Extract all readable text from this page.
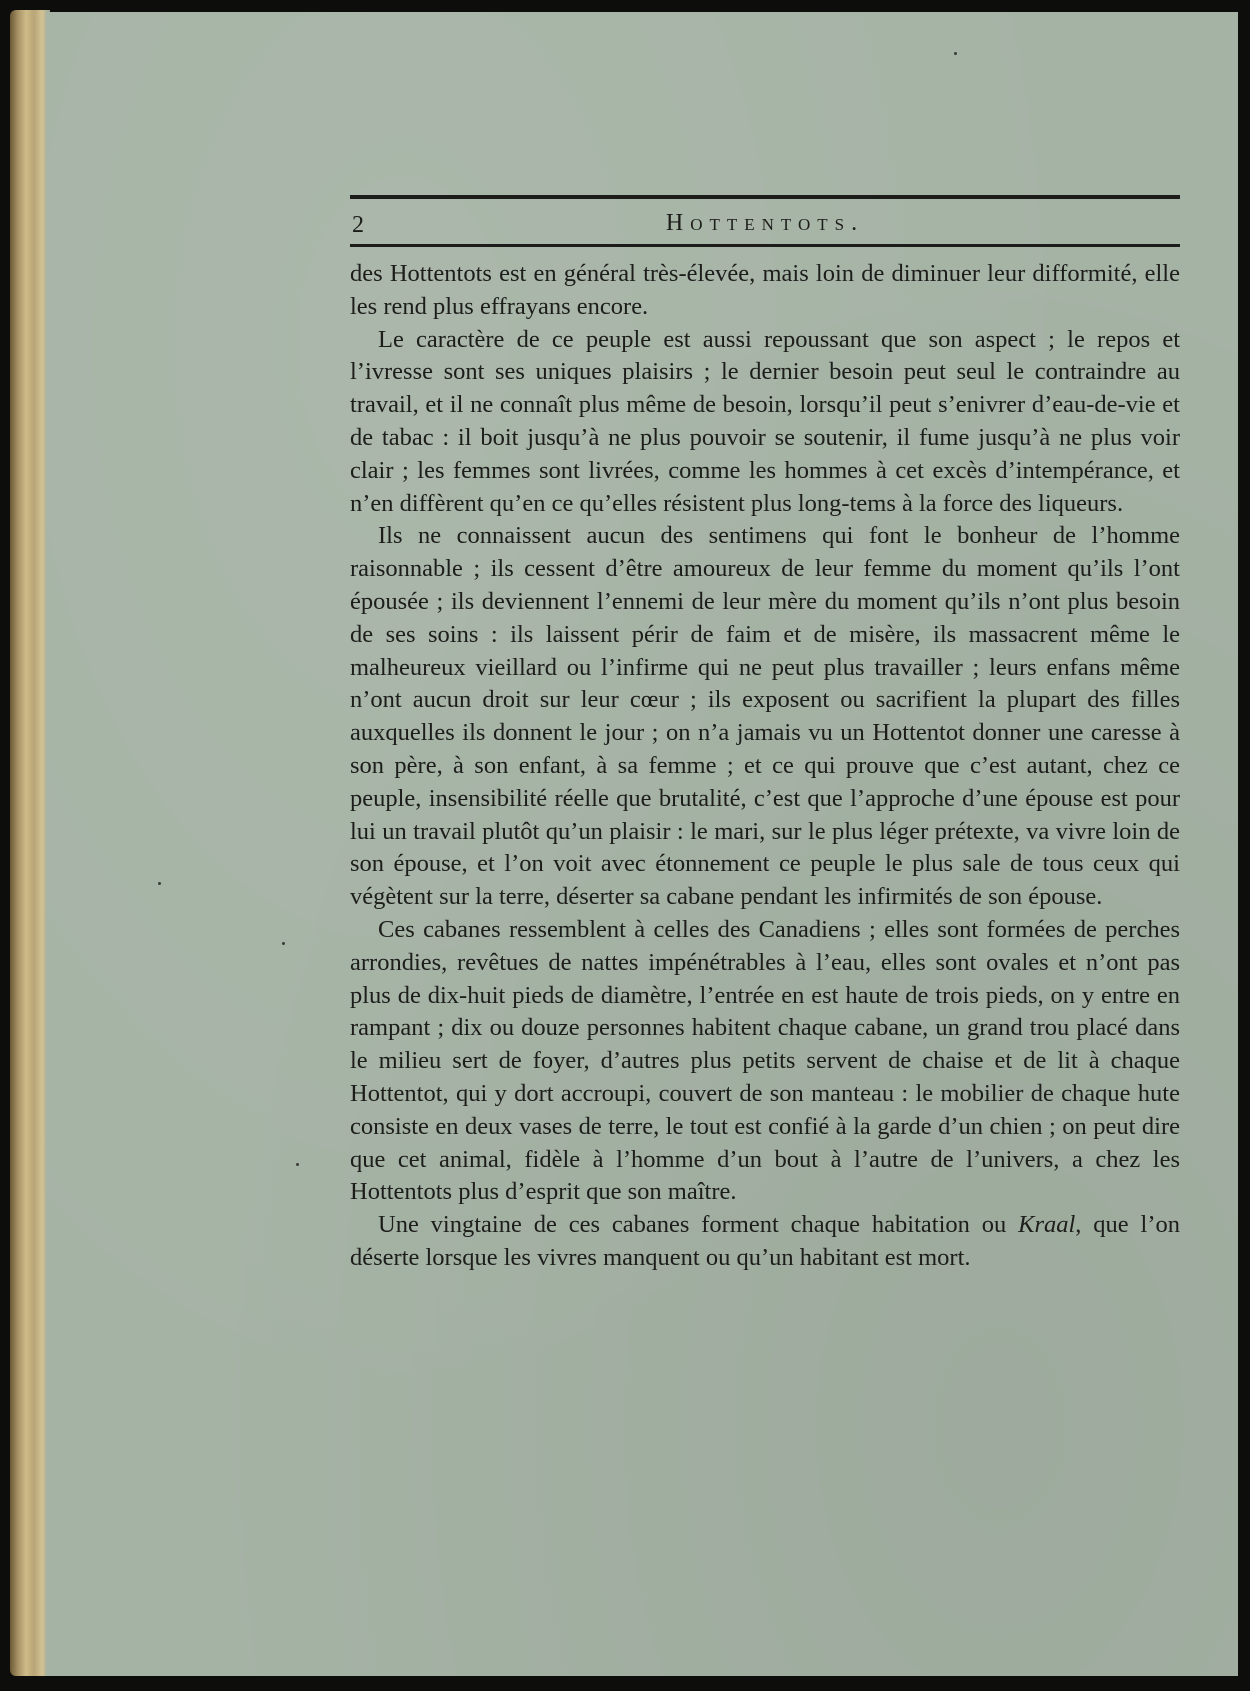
2	Hottentots.

des Hottentots est en général très-élevée, mais loin de diminuer leur difformité, elle les rend plus effrayans encore.

Le caractère de ce peuple est aussi repoussant que son aspect ; le repos et l’ivresse sont ses uniques plaisirs ; le dernier besoin peut seul le contraindre au travail, et il ne connaît plus même de besoin, lorsqu’il peut s’enivrer d’eau-de-vie et de tabac : il boit jusqu’à ne plus pouvoir se soutenir, il fume jusqu’à ne plus voir clair ; les femmes sont livrées, comme les hommes à cet excès d’intempérance, et n’en diffèrent qu’en ce qu’elles résistent plus long-tems à la force des liqueurs.

Ils ne connaissent aucun des sentimens qui font le bonheur de l’homme raisonnable ; ils cessent d’être amoureux de leur femme du moment qu’ils l’ont épousée ; ils deviennent l’ennemi de leur mère du moment qu’ils n’ont plus besoin de ses soins : ils laissent périr de faim et de misère, ils massacrent même le malheureux vieillard ou l’infirme qui ne peut plus travailler ; leurs enfans même n’ont aucun droit sur leur cœur ; ils exposent ou sacrifient la plupart des filles auxquelles ils donnent le jour ; on n’a jamais vu un Hottentot donner une caresse à son père, à son enfant, à sa femme ; et ce qui prouve que c’est autant, chez ce peuple, insensibilité réelle que brutalité, c’est que l’approche d’une épouse est pour lui un travail plutôt qu’un plaisir : le mari, sur le plus léger prétexte, va vivre loin de son épouse, et l’on voit avec étonnement ce peuple le plus sale de tous ceux qui végètent sur la terre, déserter sa cabane pendant les infirmités de son épouse.

Ces cabanes ressemblent à celles des Canadiens ; elles sont formées de perches arrondies, revêtues de nattes impénétrables à l’eau, elles sont ovales et n’ont pas plus de dix-huit pieds de diamètre, l’entrée en est haute de trois pieds, on y entre en rampant ; dix ou douze personnes habitent chaque cabane, un grand trou placé dans le milieu sert de foyer, d’autres plus petits servent de chaise et de lit à chaque Hottentot, qui y dort accroupi, couvert de son manteau : le mobilier de chaque hute consiste en deux vases de terre, le tout est confié à la garde d’un chien ; on peut dire que cet animal, fidèle à l’homme d’un bout à l’autre de l’univers, a chez les Hottentots plus d’esprit que son maître.

Une vingtaine de ces cabanes forment chaque habitation ou Kraal, que l’on déserte lorsque les vivres manquent ou qu’un habitant est mort.
